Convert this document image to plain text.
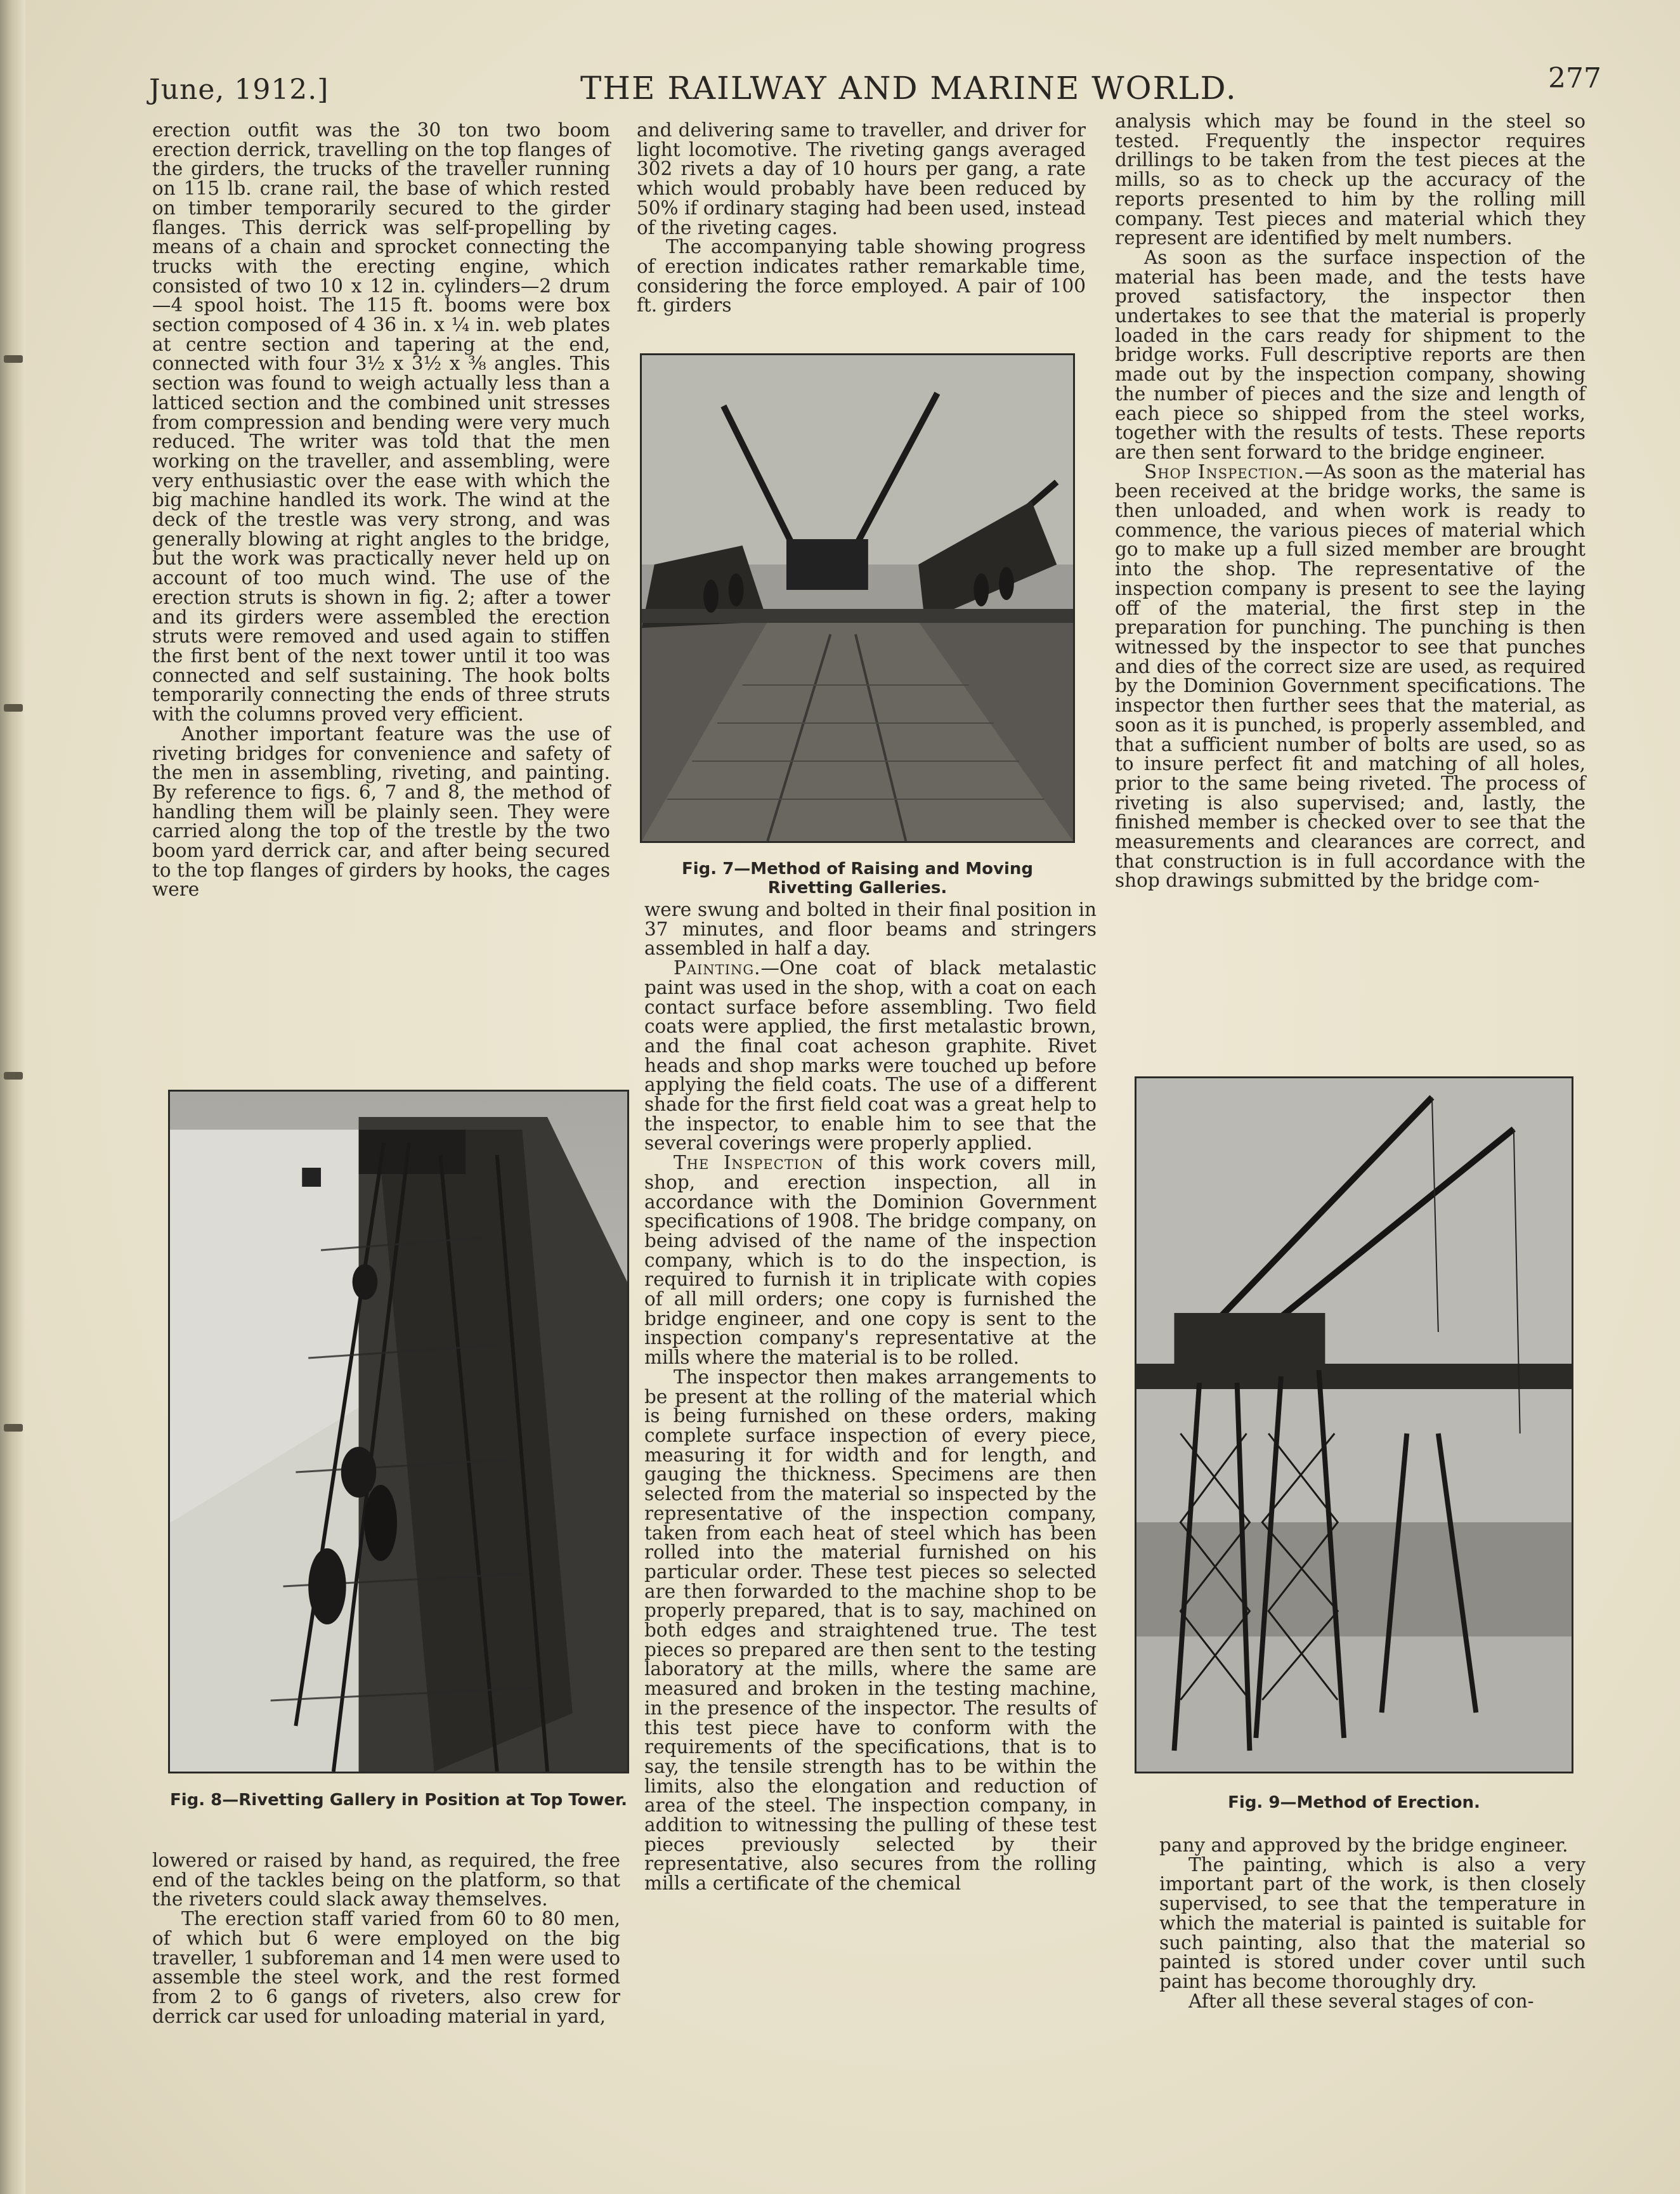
June, 1912.]	THE RAILWAY AND MARINE WORLD.	277

erection outfit was the 30 ton two boom erection derrick, travelling on the top flanges of the girders, the trucks of the traveller running on 115 lb. crane rail, the base of which rested on timber temporarily secured to the girder flanges. This derrick was self-propelling by means of a chain and sprocket connecting the trucks with the erecting engine, which consisted of two 10 x 12 in. cylinders—2 drum—4 spool hoist. The 115 ft. booms were box section composed of 4 36 in. x ¼ in. web plates at centre section and tapering at the end, connected with four 3½ x 3½ x ⅜ angles. This section was found to weigh actually less than a latticed section and the combined unit stresses from compression and bending were very much reduced. The writer was told that the men working on the traveller, and assembling, were very enthusiastic over the ease with which the big machine handled its work. The wind at the deck of the trestle was very strong, and was generally blowing at right angles to the bridge, but the work was practically never held up on account of too much wind. The use of the erection struts is shown in fig. 2; after a tower and its girders were assembled the erection struts were removed and used again to stiffen the first bent of the next tower until it too was connected and self sustaining. The hook bolts temporarily connecting the ends of three struts with the columns proved very efficient.

Another important feature was the use of riveting bridges for convenience and safety of the men in assembling, riveting, and painting. By reference to figs. 6, 7 and 8, the method of handling them will be plainly seen. They were carried along the top of the trestle by the two boom yard derrick car, and after being secured to the top flanges of girders by hooks, the cages were

Fig. 8—Rivetting Gallery in Position at Top Tower.

lowered or raised by hand, as required, the free end of the tackles being on the platform, so that the riveters could slack away themselves.

The erection staff varied from 60 to 80 men, of which but 6 were employed on the big traveller, 1 subforeman and 14 men were used to assemble the steel work, and the rest formed from 2 to 6 gangs of riveters, also crew for derrick car used for unloading material in yard,

and delivering same to traveller, and driver for light locomotive. The riveting gangs averaged 302 rivets a day of 10 hours per gang, a rate which would probably have been reduced by 50% if ordinary staging had been used, instead of the riveting cages.

The accompanying table showing progress of erection indicates rather remarkable time, considering the force employed. A pair of 100 ft. girders

Fig. 7—Method of Raising and Moving Rivetting Galleries.

were swung and bolted in their final position in 37 minutes, and floor beams and stringers assembled in half a day.

Painting.—One coat of black metalastic paint was used in the shop, with a coat on each contact surface before assembling. Two field coats were applied, the first metalastic brown, and the final coat acheson graphite. Rivet heads and shop marks were touched up before applying the field coats. The use of a different shade for the first field coat was a great help to the inspector, to enable him to see that the several coverings were properly applied.

The Inspection of this work covers mill, shop, and erection inspection, all in accordance with the Dominion Government specifications of 1908. The bridge company, on being advised of the name of the inspection company, which is to do the inspection, is required to furnish it in triplicate with copies of all mill orders; one copy is furnished the bridge engineer, and one copy is sent to the inspection company's representative at the mills where the material is to be rolled.

The inspector then makes arrangements to be present at the rolling of the material which is being furnished on these orders, making complete surface inspection of every piece, measuring it for width and for length, and gauging the thickness. Specimens are then selected from the material so inspected by the representative of the inspection company, taken from each heat of steel which has been rolled into the material furnished on his particular order. These test pieces so selected are then forwarded to the machine shop to be properly prepared, that is to say, machined on both edges and straightened true. The test pieces so prepared are then sent to the testing laboratory at the mills, where the same are measured and broken in the testing machine, in the presence of the inspector. The results of this test piece have to conform with the requirements of the specifications, that is to say, the tensile strength has to be within the limits, also the elongation and reduction of area of the steel. The inspection company, in addition to witnessing the pulling of these test pieces previously selected by their representative, also secures from the rolling mills a certificate of the chemical

analysis which may be found in the steel so tested. Frequently the inspector requires drillings to be taken from the test pieces at the mills, so as to check up the accuracy of the reports presented to him by the rolling mill company. Test pieces and material which they represent are identified by melt numbers.

As soon as the surface inspection of the material has been made, and the tests have proved satisfactory, the inspector then undertakes to see that the material is properly loaded in the cars ready for shipment to the bridge works. Full descriptive reports are then made out by the inspection company, showing the number of pieces and the size and length of each piece so shipped from the steel works, together with the results of tests. These reports are then sent forward to the bridge engineer.

Shop Inspection.—As soon as the material has been received at the bridge works, the same is then unloaded, and when work is ready to commence, the various pieces of material which go to make up a full sized member are brought into the shop. The representative of the inspection company is present to see the laying off of the material, the first step in the preparation for punching. The punching is then witnessed by the inspector to see that punches and dies of the correct size are used, as required by the Dominion Government specifications. The inspector then further sees that the material, as soon as it is punched, is properly assembled, and that a sufficient number of bolts are used, so as to insure perfect fit and matching of all holes, prior to the same being riveted. The process of riveting is also supervised; and, lastly, the finished member is checked over to see that the measurements and clearances are correct, and that construction is in full accordance with the shop drawings submitted by the bridge com-

Fig. 9—Method of Erection.

pany and approved by the bridge engineer.

The painting, which is also a very important part of the work, is then closely supervised, to see that the temperature in which the material is painted is suitable for such painting, also that the material so painted is stored under cover until such paint has become thoroughly dry.

After all these several stages of con-
